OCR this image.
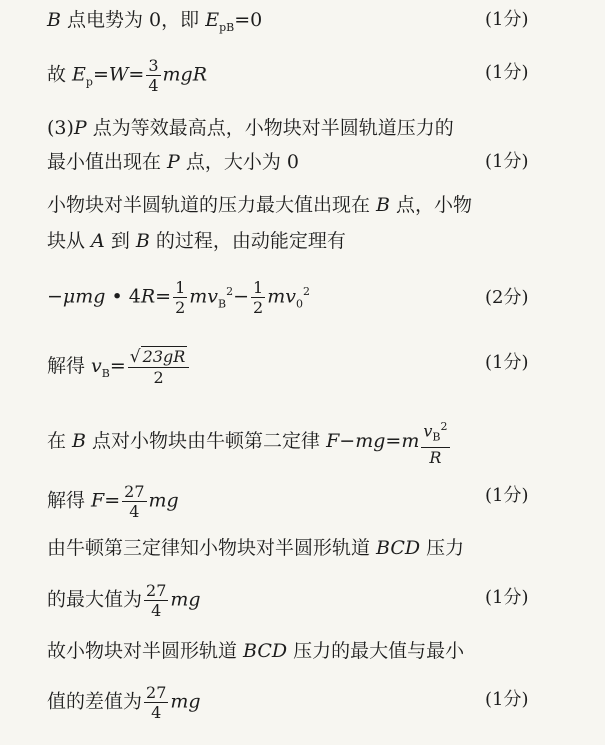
B 点电势为 0，即 $E_{pB}=0$	(1分)
故 $E_p=W= \frac{3}{4}$ mgR	(1分)
(3)P 点为等效最高点，小物块对半圆轨道压力的
最小值出现在 P 点，大小为 0	(1分)
小物块对半圆轨道的压力最大值出现在 B 点，小物
块从 A 到 B 的过程，由动能定理有
−μmg • $4R= \frac{1}{2} mv_B^2- \frac{1}{2} mv_0^2$	(2分)
解得 $v_B= \frac{√ 23gR}{2}$	(1分)
在 B 点对小物块由牛顿第二定律 $F-mg=m \frac{v_B^2}{R}$
解得 $F= \frac{27}{4}$ mg	(1分)
由牛顿第三定律知小物块对半圆形轨道 BCD 压力
的最大值为 $\frac{27}{4}$ mg	(1分)
故小物块对半圆形轨道 BCD 压力的最大值与最小
值的差值为 $\frac{27}{4}$ mg	(1分)
